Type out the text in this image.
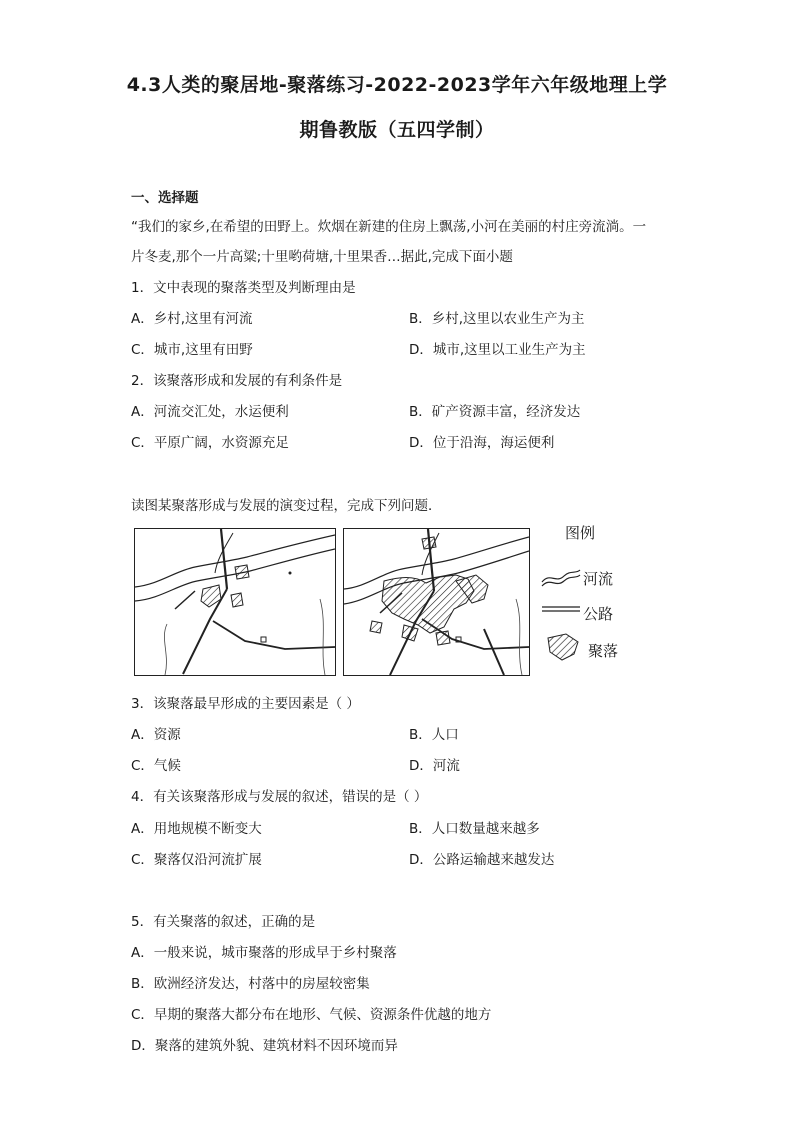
4.3人类的聚居地-聚落练习-2022-2023学年六年级地理上学
期鲁教版（五四学制）
一、选择题
“我们的家乡,在希望的田野上。炊烟在新建的住房上飘荡,小河在美丽的村庄旁流淌。一
片冬麦,那个一片高粱;十里哟荷塘,十里果香…据此,完成下面小题
1．文中表现的聚落类型及判断理由是
A．乡村,这里有河流	B．乡村,这里以农业生产为主
C．城市,这里有田野	D．城市,这里以工业生产为主
2．该聚落形成和发展的有利条件是
A．河流交汇处，水运便利	B．矿产资源丰富，经济发达
C．平原广阔，水资源充足	D．位于沿海，海运便利
读图某聚落形成与发展的演变过程，完成下列问题．
图例
河流
公路
聚落
3．该聚落最早形成的主要因素是（ ）
A．资源	B．人口
C．气候	D．河流
4．有关该聚落形成与发展的叙述，错误的是（ ）
A．用地规模不断变大	B．人口数量越来越多
C．聚落仅沿河流扩展	D．公路运输越来越发达
5．有关聚落的叙述，正确的是
A．一般来说，城市聚落的形成早于乡村聚落
B．欧洲经济发达，村落中的房屋较密集
C．早期的聚落大都分布在地形、气候、资源条件优越的地方
D．聚落的建筑外貌、建筑材料不因环境而异
